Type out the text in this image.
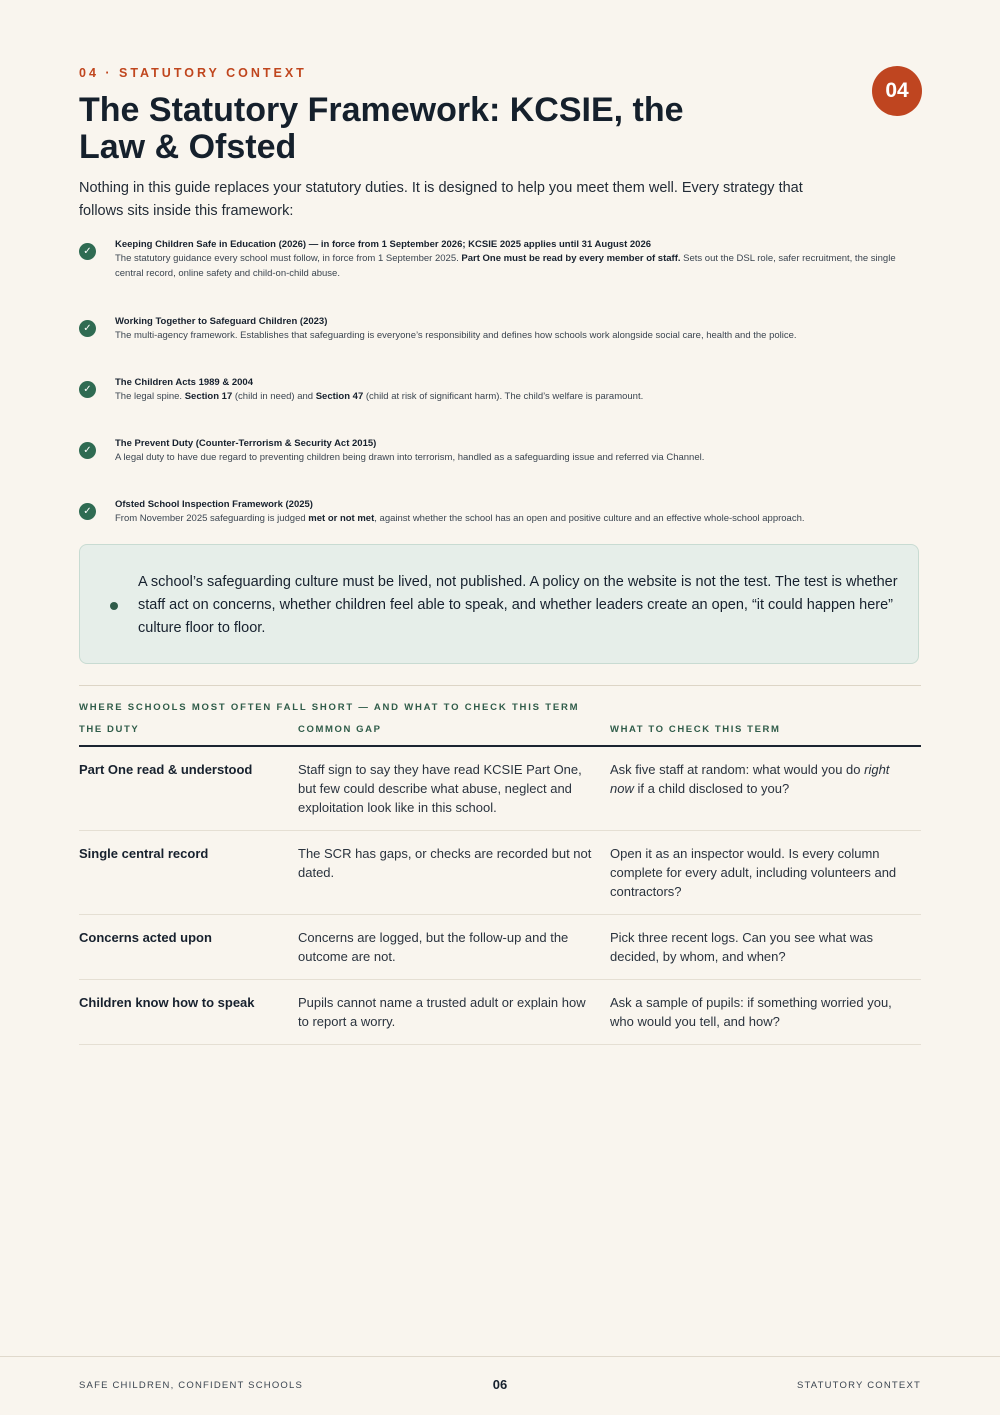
04 · STATUTORY CONTEXT
04
The Statutory Framework: KCSIE, the Law & Ofsted

Nothing in this guide replaces your statutory duties. It is designed to help you meet them well. Every strategy that follows sits inside this framework:

✓
Keeping Children Safe in Education (2026) — in force from 1 September 2026; KCSIE 2025 applies until 31 August 2026
The statutory guidance every school must follow, in force from 1 September 2025. Part One must be read by every member of staff. Sets out the DSL role, safer recruitment, the single central record, online safety and child-on-child abuse.
✓
Working Together to Safeguard Children (2023)
The multi-agency framework. Establishes that safeguarding is everyone’s responsibility and defines how schools work alongside social care, health and the police.
✓
The Children Acts 1989 & 2004
The legal spine. Section 17 (child in need) and Section 47 (child at risk of significant harm). The child’s welfare is paramount.
✓
The Prevent Duty (Counter-Terrorism & Security Act 2015)
A legal duty to have due regard to preventing children being drawn into terrorism, handled as a safeguarding issue and referred via Channel.
✓
Ofsted School Inspection Framework (2025)
From November 2025 safeguarding is judged met or not met, against whether the school has an open and positive culture and an effective whole-school approach.

A school’s safeguarding culture must be lived, not published. A policy on the website is not the test. The test is whether staff act on concerns, whether children feel able to speak, and whether leaders create an open, “it could happen here” culture floor to floor.

WHERE SCHOOLS MOST OFTEN FALL SHORT — AND WHAT TO CHECK THIS TERM
THE DUTY	COMMON GAP	WHAT TO CHECK THIS TERM
Part One read & understood	Staff sign to say they have read KCSIE Part One, but few could describe what abuse, neglect and exploitation look like in this school.	Ask five staff at random: what would you do right now if a child disclosed to you?
Single central record	The SCR has gaps, or checks are recorded but not dated.	Open it as an inspector would. Is every column complete for every adult, including volunteers and contractors?
Concerns acted upon	Concerns are logged, but the follow-up and the outcome are not.	Pick three recent logs. Can you see what was decided, by whom, and when?
Children know how to speak	Pupils cannot name a trusted adult or explain how to report a worry.	Ask a sample of pupils: if something worried you, who would you tell, and how?
SAFE CHILDREN, CONFIDENT SCHOOLS	06	STATUTORY CONTEXT
